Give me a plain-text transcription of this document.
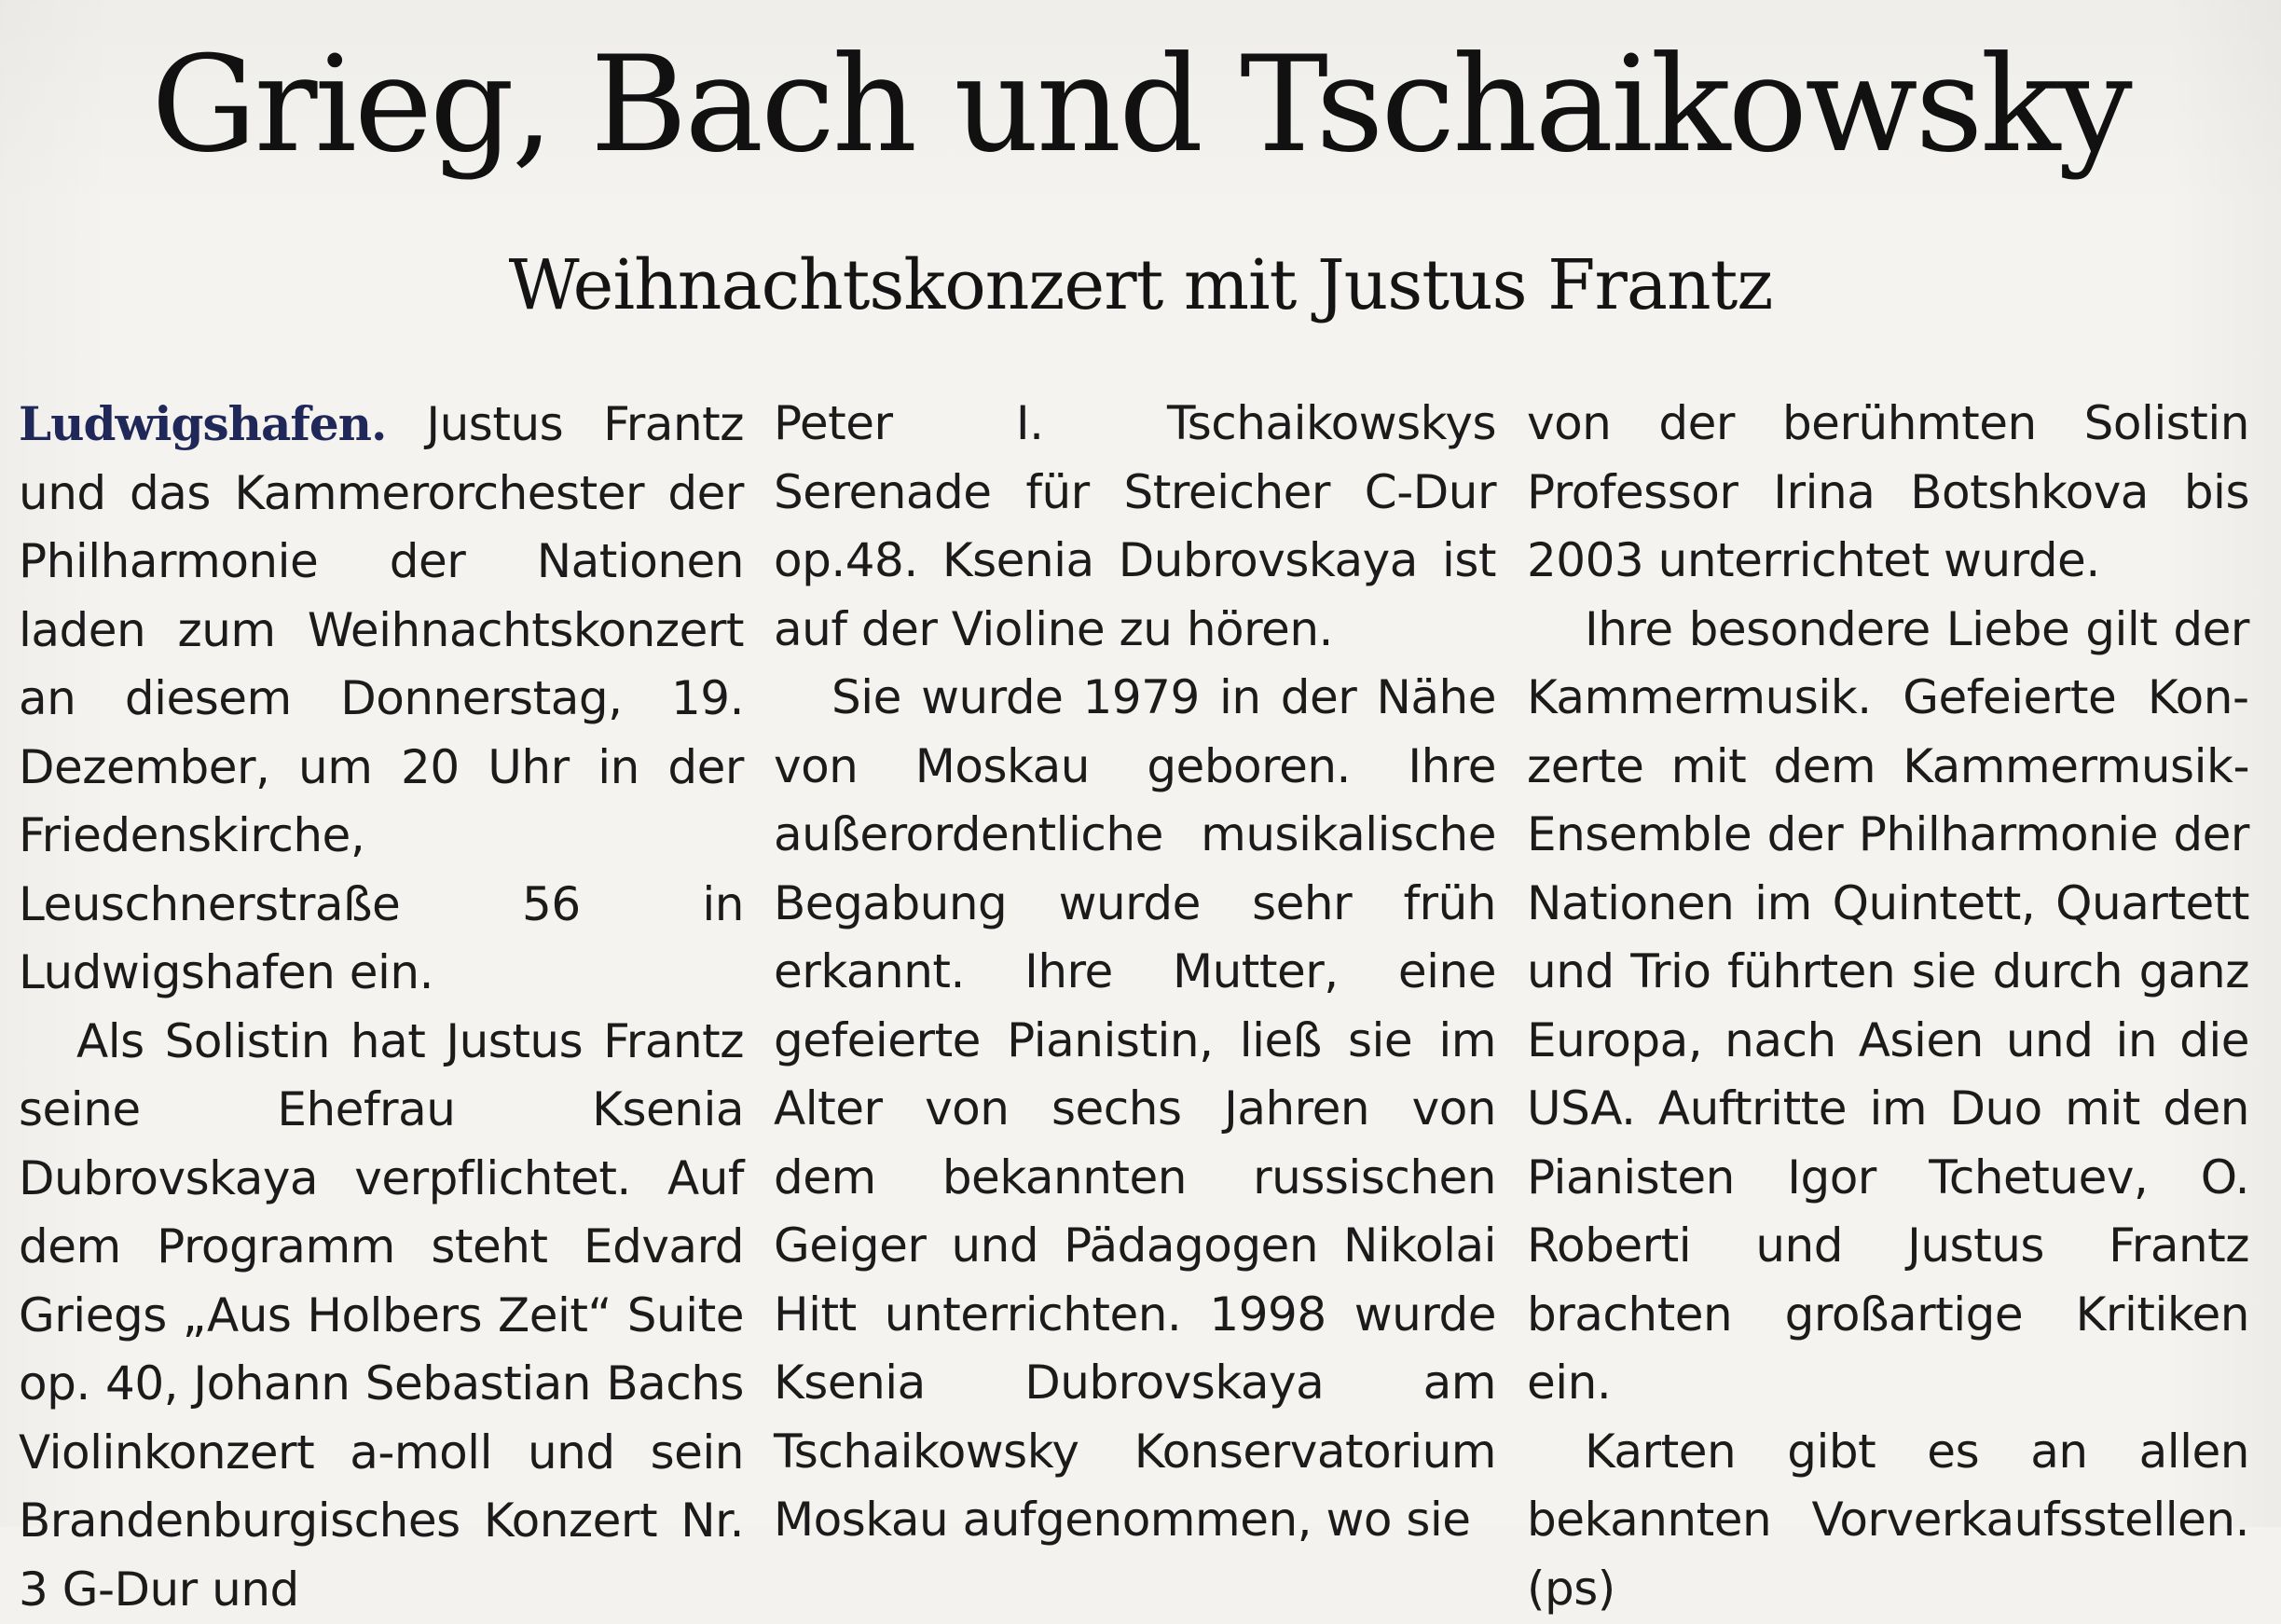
Grieg, Bach und Tschaikowsky
Weihnachtskonzert mit Justus Frantz

Ludwigshafen. Justus Frantz und das Kammerorchester der Philharmonie der Nationen laden zum Weihnachtskonzert an diesem Donnerstag, 19. Dezember, um 20 Uhr in der Friedenskirche, Leuschnerstraße 56 in Ludwigshafen ein.

Als Solistin hat Justus Frantz seine Ehefrau Ksenia Dubrovskaya verpflichtet. Auf dem Programm steht Edvard Griegs „Aus Holbers Zeit“ Suite op. 40, Johann Sebastian Bachs Violinkonzert a-moll und sein Brandenburgisches Konzert Nr. 3 G-Dur und

Peter I. Tschaikowskys Serenade für Streicher C-Dur op.48. Ksenia Dubrovskaya ist auf der Violine zu hören.

Sie wurde 1979 in der Nähe von Moskau geboren. Ihre außerordentliche musikalische Begabung wurde sehr früh erkannt. Ihre Mutter, eine gefeierte Pianistin, ließ sie im Alter von sechs Jahren von dem bekannten russischen Geiger und Pädagogen Nikolai Hitt unterrichten. 1998 wurde Ksenia Dubrovskaya am Tschaikowsky Konservatorium Moskau aufgenommen, wo sie

von der berühmten Solistin Professor Irina Botshkova bis 2003 unterrichtet wurde.

Ihre besondere Liebe gilt der Kammermusik. Gefeierte Konzerte mit dem Kammermusik-Ensemble der Philharmonie der Nationen im Quintett, Quartett und Trio führten sie durch ganz Europa, nach Asien und in die USA. Auftritte im Duo mit den Pianisten Igor Tchetuev, O. Roberti und Justus Frantz brachten großartige Kritiken ein.

Karten gibt es an allen bekannten Vorverkaufsstellen. (ps)
